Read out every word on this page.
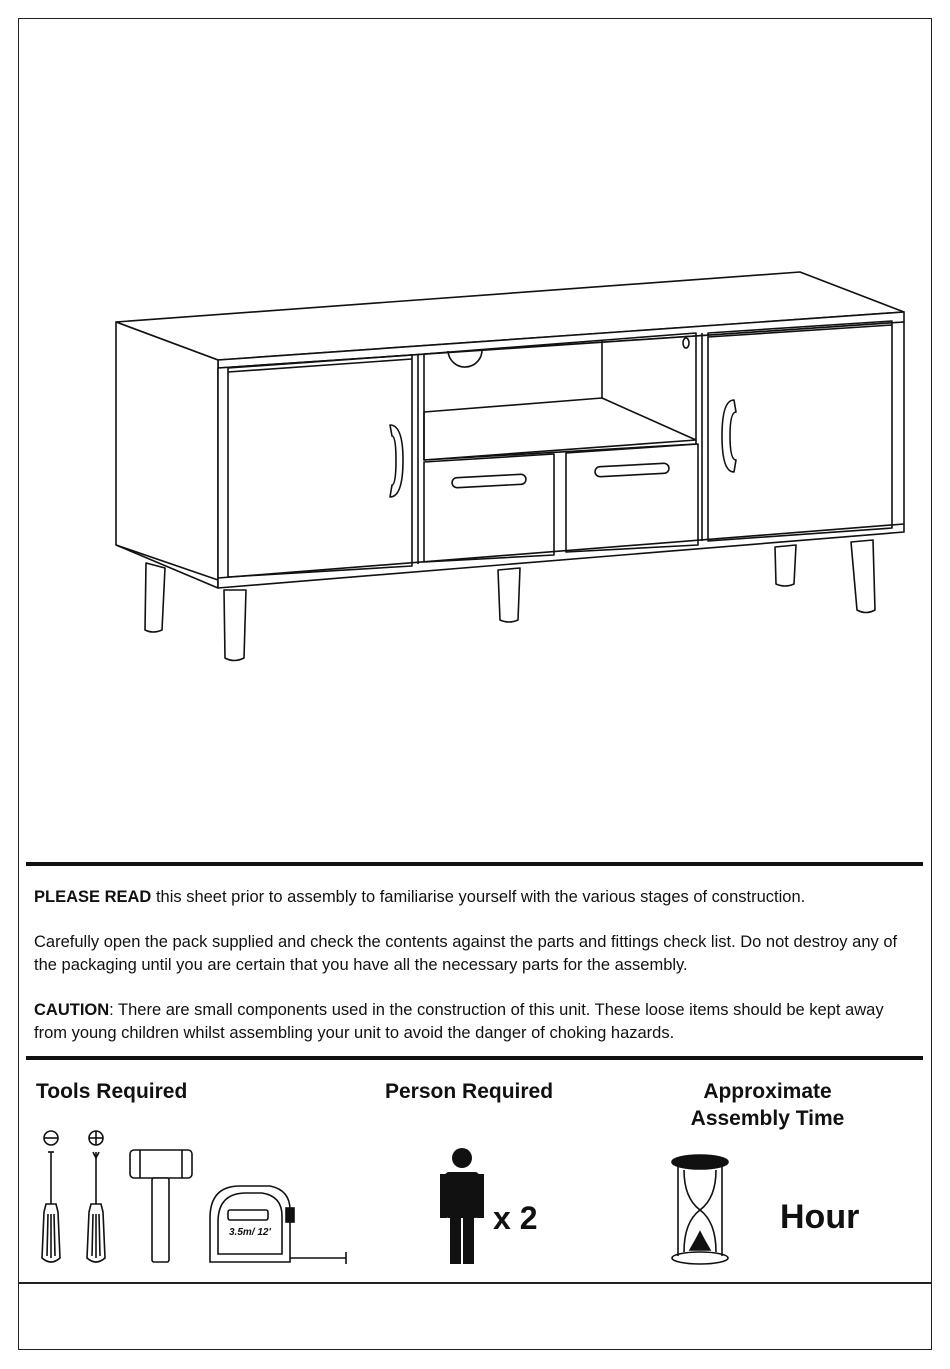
PLEASE READ this sheet prior to assembly to familiarise yourself with the various stages of construction.

Carefully open the pack supplied and check the contents against the parts and fittings check list. Do not destroy any of the packaging until you are certain that you have all the necessary parts for the assembly.

CAUTION: There are small components used in the construction of this unit. These loose items should be kept away from young children whilst assembling your unit to avoid the danger of choking hazards.

Tools Required	Person Required	Approximate
Assembly Time
3.5m/ 12'	x 2	Hour
